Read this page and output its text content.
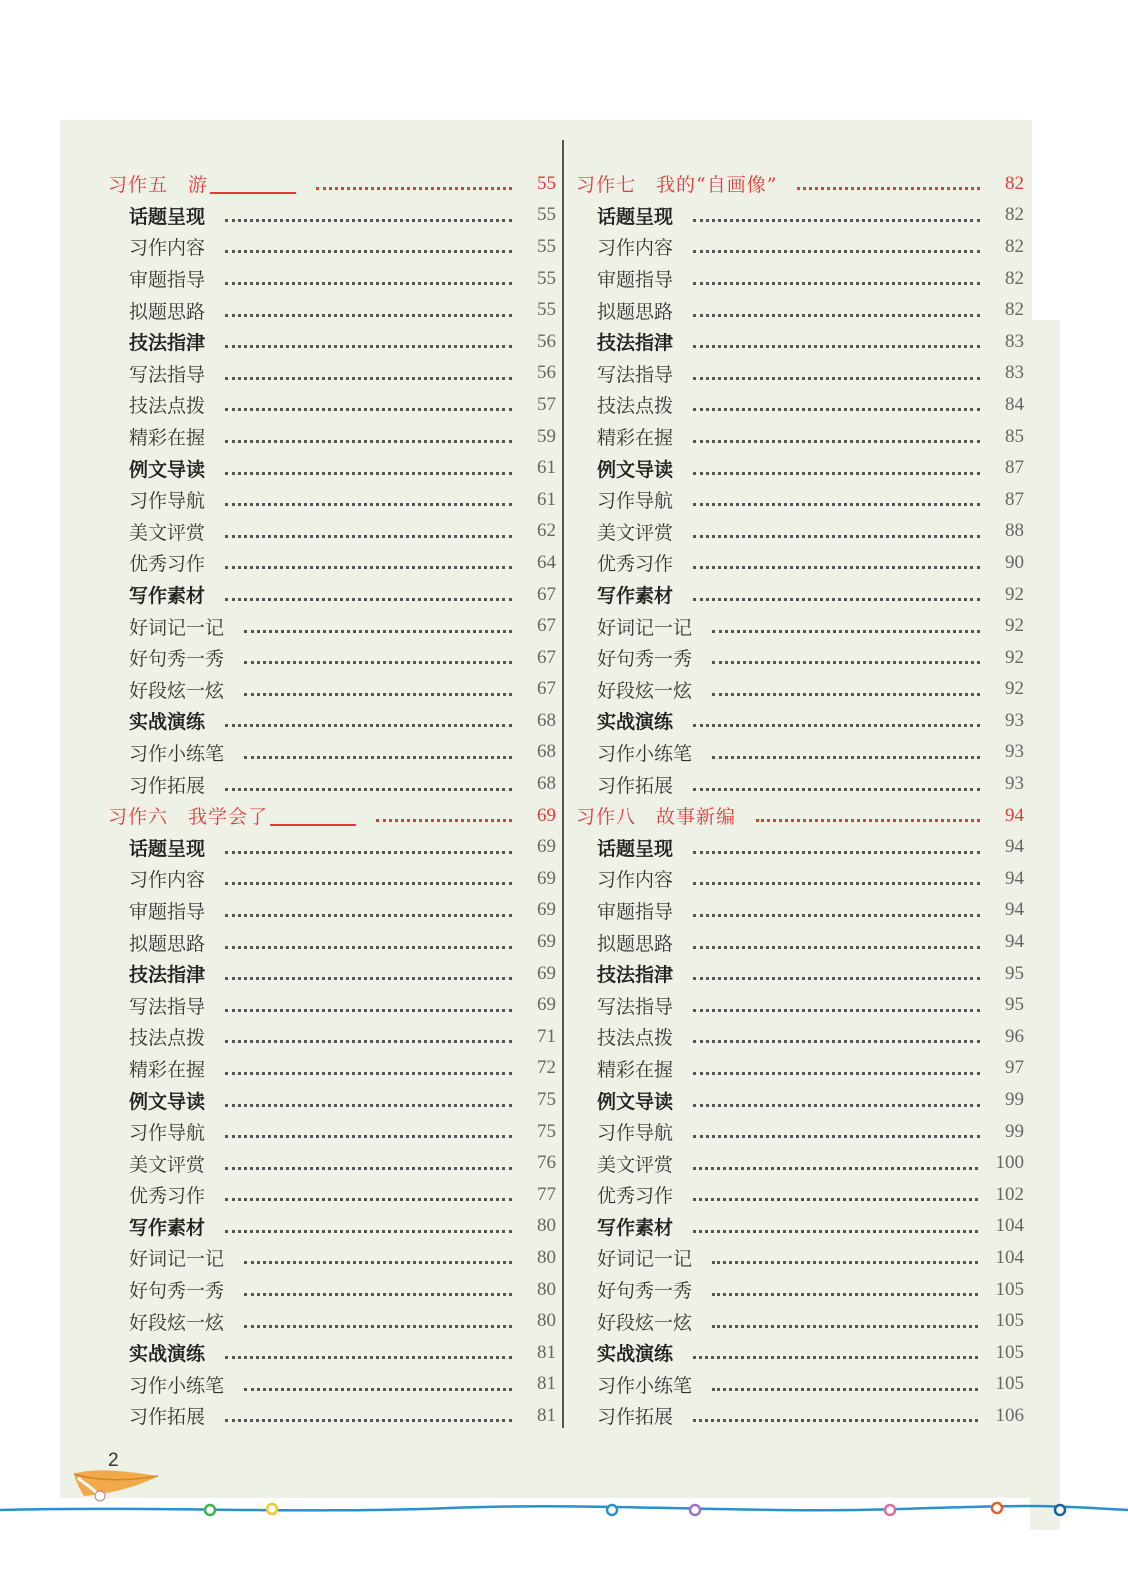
习作五　游	55
话题呈现	55
习作内容	55
审题指导	55
拟题思路	55
技法指津	56
写法指导	56
技法点拨	57
精彩在握	59
例文导读	61
习作导航	61
美文评赏	62
优秀习作	64
写作素材	67
好词记一记	67
好句秀一秀	67
好段炫一炫	67
实战演练	68
习作小练笔	68
习作拓展	68
习作六　我学会了	69
话题呈现	69
习作内容	69
审题指导	69
拟题思路	69
技法指津	69
写法指导	69
技法点拨	71
精彩在握	72
例文导读	75
习作导航	75
美文评赏	76
优秀习作	77
写作素材	80
好词记一记	80
好句秀一秀	80
好段炫一炫	80
实战演练	81
习作小练笔	81
习作拓展	81
习作七　我的“自画像”	82
话题呈现	82
习作内容	82
审题指导	82
拟题思路	82
技法指津	83
写法指导	83
技法点拨	84
精彩在握	85
例文导读	87
习作导航	87
美文评赏	88
优秀习作	90
写作素材	92
好词记一记	92
好句秀一秀	92
好段炫一炫	92
实战演练	93
习作小练笔	93
习作拓展	93
习作八　故事新编	94
话题呈现	94
习作内容	94
审题指导	94
拟题思路	94
技法指津	95
写法指导	95
技法点拨	96
精彩在握	97
例文导读	99
习作导航	99
美文评赏	100
优秀习作	102
写作素材	104
好词记一记	104
好句秀一秀	105
好段炫一炫	105
实战演练	105
习作小练笔	105
习作拓展	106
2
